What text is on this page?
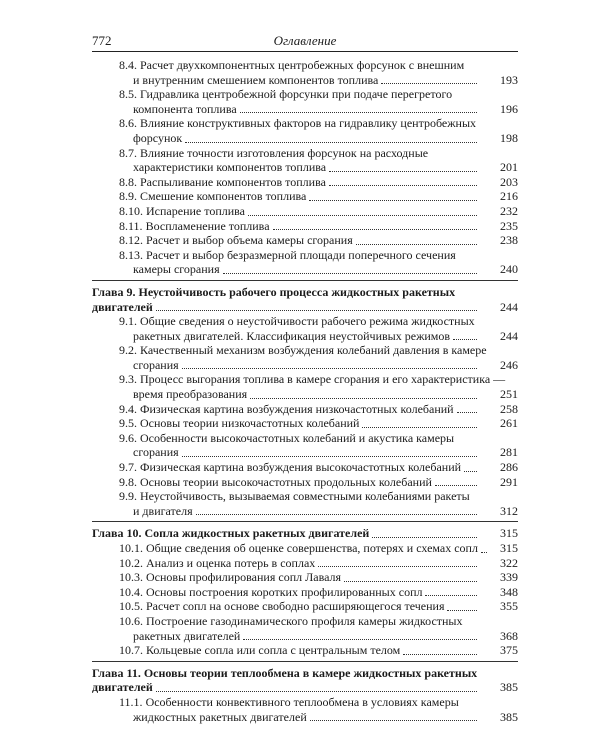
772	Оглавление
8.4. Расчет двухкомпонентных центробежных форсунок с внешним
и внутренним смешением компонентов топлива	193
8.5. Гидравлика центробежной форсунки при подаче перегретого
компонента топлива	196
8.6. Влияние конструктивных факторов на гидравлику центробежных
форсунок	198
8.7. Влияние точности изготовления форсунок на расходные
характеристики компонентов топлива	201
8.8. Распыливание компонентов топлива	203
8.9. Смешение компонентов топлива	216
8.10. Испарение топлива	232
8.11. Воспламенение топлива	235
8.12. Расчет и выбор объема камеры сгорания	238
8.13. Расчет и выбор безразмерной площади поперечного сечения
камеры сгорания	240
Глава 9. Неустойчивость рабочего процесса жидкостных ракетных
двигателей	244
9.1. Общие сведения о неустойчивости рабочего режима жидкостных
ракетных двигателей. Классификация неустойчивых режимов	244
9.2. Качественный механизм возбуждения колебаний давления в камере
сгорания	246
9.3. Процесс выгорания топлива в камере сгорания и его характеристика —
время преобразования	251
9.4. Физическая картина возбуждения низкочастотных колебаний	258
9.5. Основы теории низкочастотных колебаний	261
9.6. Особенности высокочастотных колебаний и акустика камеры
сгорания	281
9.7. Физическая картина возбуждения высокочастотных колебаний	286
9.8. Основы теории высокочастотных продольных колебаний	291
9.9. Неустойчивость, вызываемая совместными колебаниями ракеты
и двигателя	312
Глава 10. Сопла жидкостных ракетных двигателей	315
10.1. Общие сведения об оценке совершенства, потерях и схемах сопл	315
10.2. Анализ и оценка потерь в соплах	322
10.3. Основы профилирования сопл Лаваля	339
10.4. Основы построения коротких профилированных сопл	348
10.5. Расчет сопл на основе свободно расширяющегося течения	355
10.6. Построение газодинамического профиля камеры жидкостных
ракетных двигателей	368
10.7. Кольцевые сопла или сопла с центральным телом	375
Глава 11. Основы теории теплообмена в камере жидкостных ракетных
двигателей	385
11.1. Особенности конвективного теплообмена в условиях камеры
жидкостных ракетных двигателей	385
